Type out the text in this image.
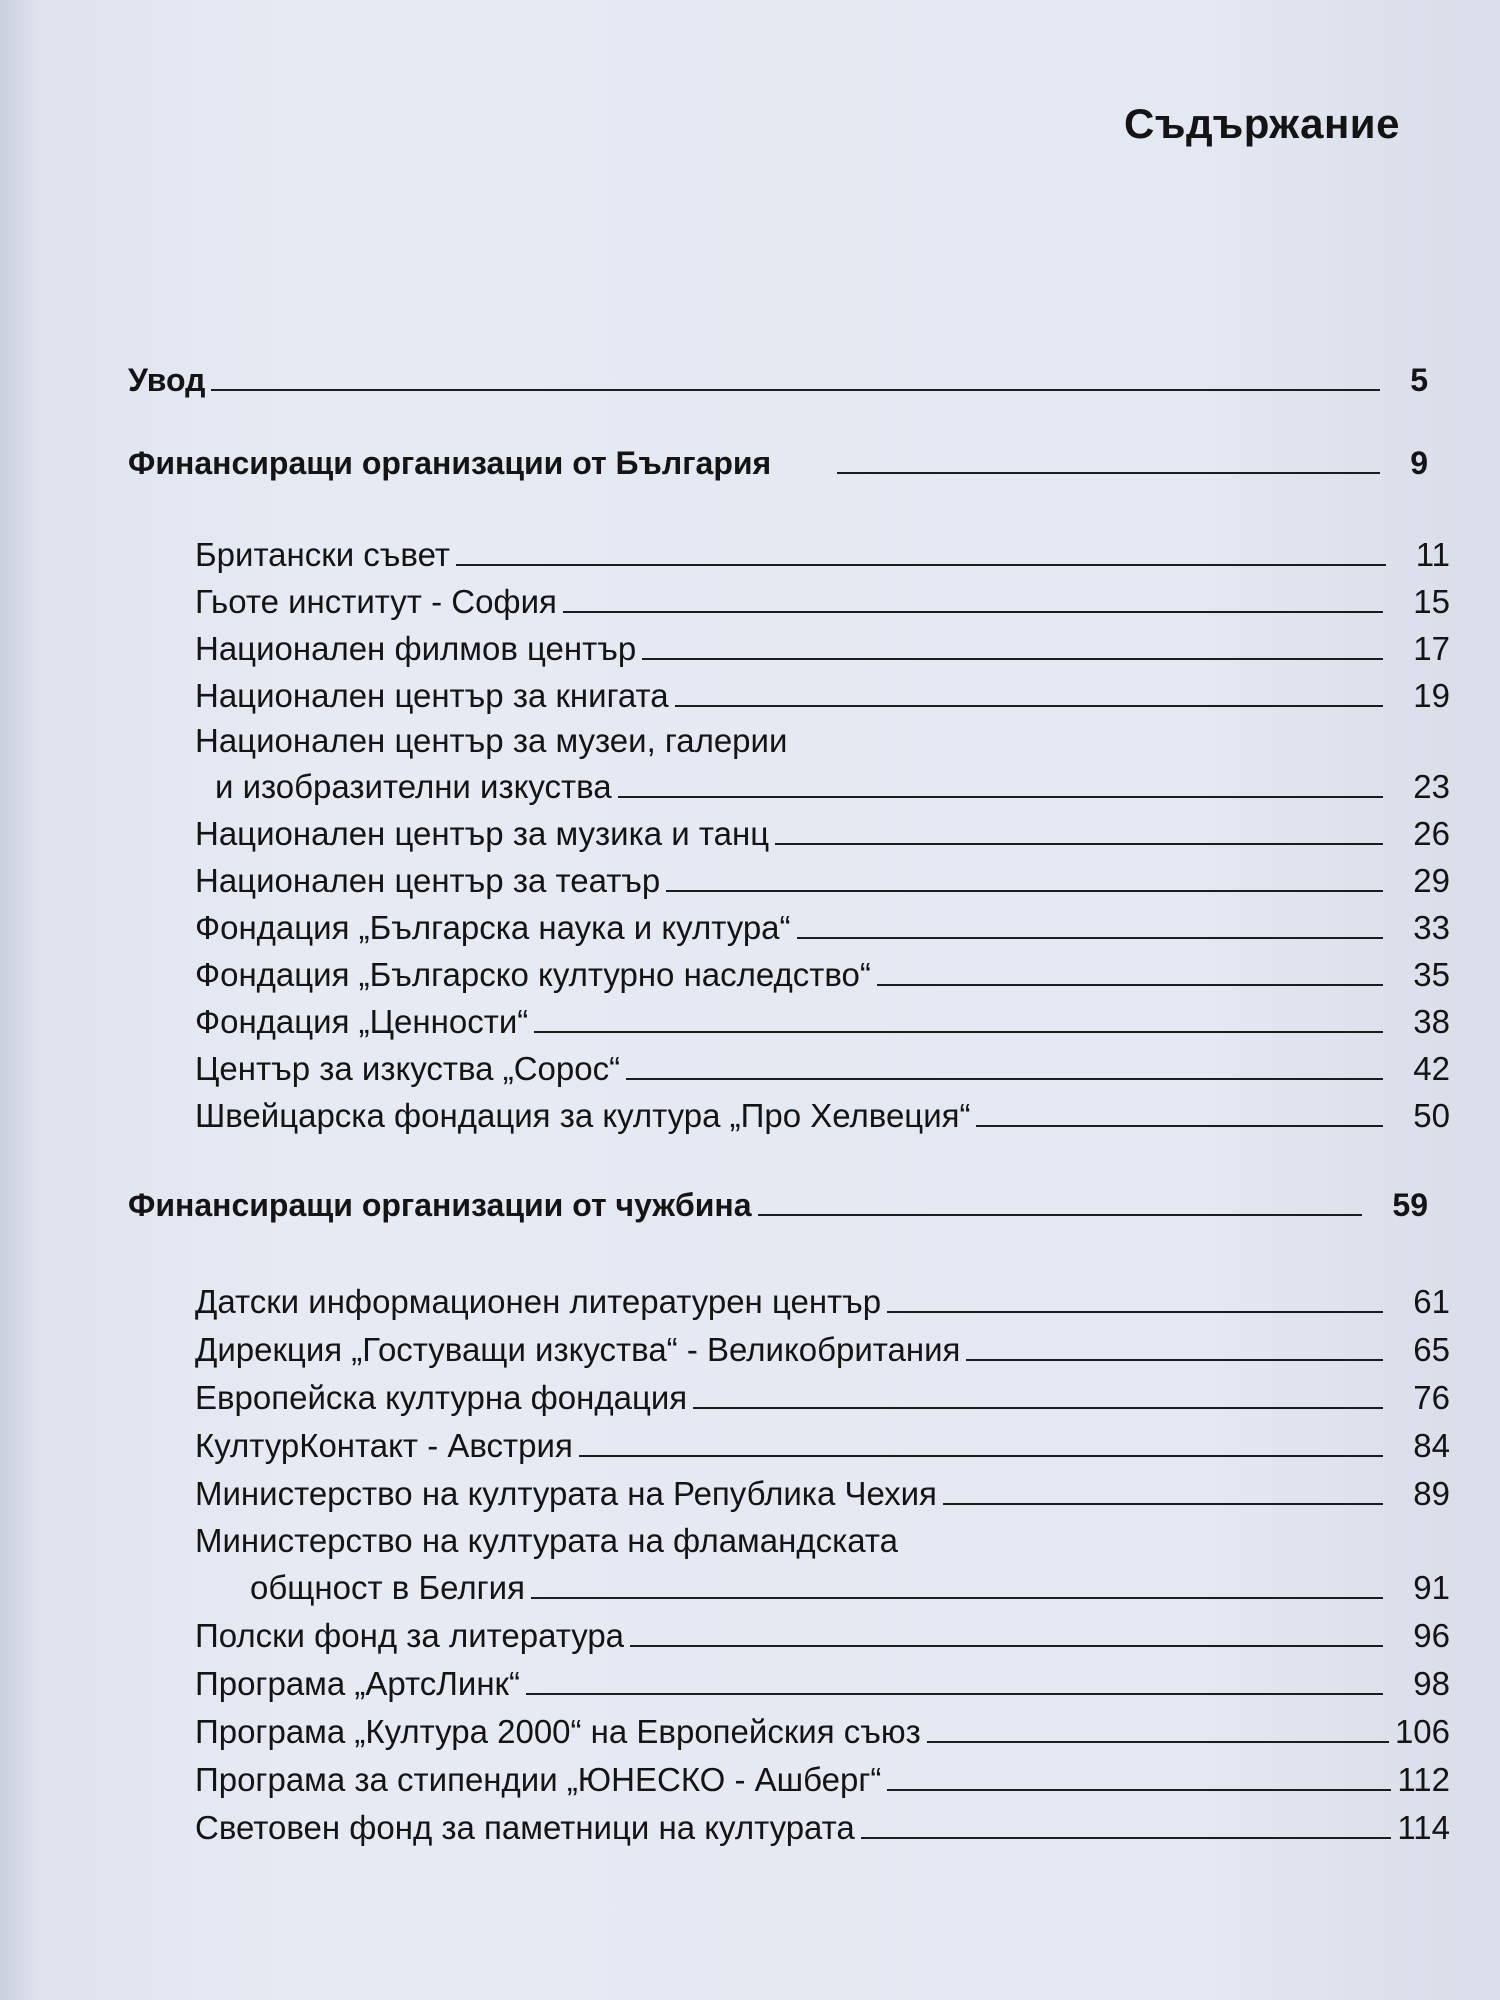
Съдържание
Увод	5
Финансиращи организации от България	9
Британски съвет	11
Гьоте институт - София	15
Национален филмов център	17
Национален център за книгата	19
Национален център за музеи, галерии
и изобразителни изкуства	23
Национален център за музика и танц	26
Национален център за театър	29
Фондация „Българска наука и култура“	33
Фондация „Българско културно наследство“	35
Фондация „Ценности“	38
Център за изкуства „Сорос“	42
Швейцарска фондация за култура „Про Хелвеция“	50
Финансиращи организации от чужбина	59
Датски информационен литературен център	61
Дирекция „Гостуващи изкуства“ - Великобритания	65
Европейска културна фондация	76
КултурКонтакт - Австрия	84
Министерство на културата на Република Чехия	89
Министерство на културата на фламандската
общност в Белгия	91
Полски фонд за литература	96
Програма „АртсЛинк“	98
Програма „Култура 2000“ на Европейския съюз	106
Програма за стипендии „ЮНЕСКО - Ашберг“	112
Световен фонд за паметници на културата	114
